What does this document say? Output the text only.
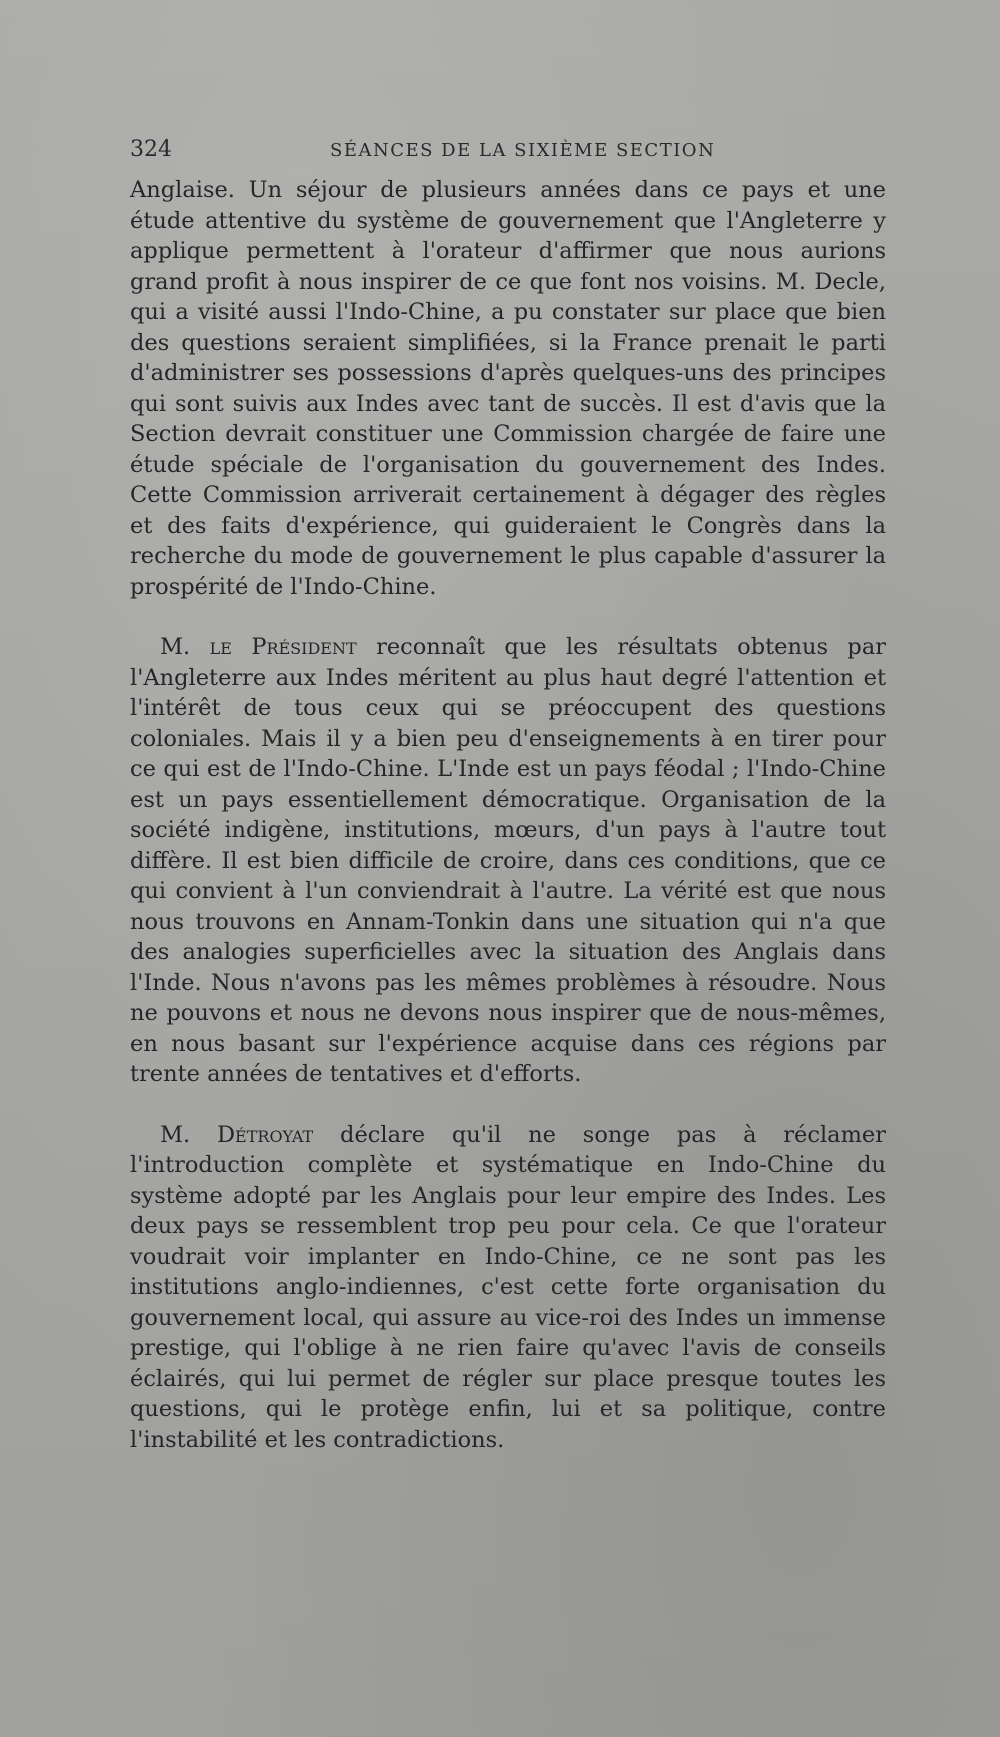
324	SÉANCES DE LA SIXIÈME SECTION

Anglaise. Un séjour de plusieurs années dans ce pays et une étude attentive du système de gouvernement que l'Angleterre y applique permettent à l'orateur d'affirmer que nous aurions grand profit à nous inspirer de ce que font nos voisins. M. Decle, qui a visité aussi l'Indo-Chine, a pu constater sur place que bien des questions seraient simplifiées, si la France prenait le parti d'administrer ses possessions d'après quelques-uns des principes qui sont suivis aux Indes avec tant de succès. Il est d'avis que la Section devrait constituer une Commission chargée de faire une étude spéciale de l'organisation du gouvernement des Indes. Cette Commission arriverait certainement à dégager des règles et des faits d'expérience, qui guideraient le Congrès dans la recherche du mode de gouvernement le plus capable d'assurer la prospérité de l'Indo-Chine.

M. le Président reconnaît que les résultats obtenus par l'Angleterre aux Indes méritent au plus haut degré l'attention et l'intérêt de tous ceux qui se préoccupent des questions coloniales. Mais il y a bien peu d'enseignements à en tirer pour ce qui est de l'Indo-Chine. L'Inde est un pays féodal ; l'Indo-Chine est un pays essentiellement démocratique. Organisation de la société indigène, institutions, mœurs, d'un pays à l'autre tout diffère. Il est bien difficile de croire, dans ces conditions, que ce qui convient à l'un conviendrait à l'autre. La vérité est que nous nous trouvons en Annam-Tonkin dans une situation qui n'a que des analogies superficielles avec la situation des Anglais dans l'Inde. Nous n'avons pas les mêmes problèmes à résoudre. Nous ne pouvons et nous ne devons nous inspirer que de nous-mêmes, en nous basant sur l'expérience acquise dans ces régions par trente années de tentatives et d'efforts.

M. Détroyat déclare qu'il ne songe pas à réclamer l'introduction complète et systématique en Indo-Chine du système adopté par les Anglais pour leur empire des Indes. Les deux pays se ressemblent trop peu pour cela. Ce que l'orateur voudrait voir implanter en Indo-Chine, ce ne sont pas les institutions anglo-indiennes, c'est cette forte organisation du gouvernement local, qui assure au vice-roi des Indes un immense prestige, qui l'oblige à ne rien faire qu'avec l'avis de conseils éclairés, qui lui permet de régler sur place presque toutes les questions, qui le protège enfin, lui et sa politique, contre l'instabilité et les contradictions.
